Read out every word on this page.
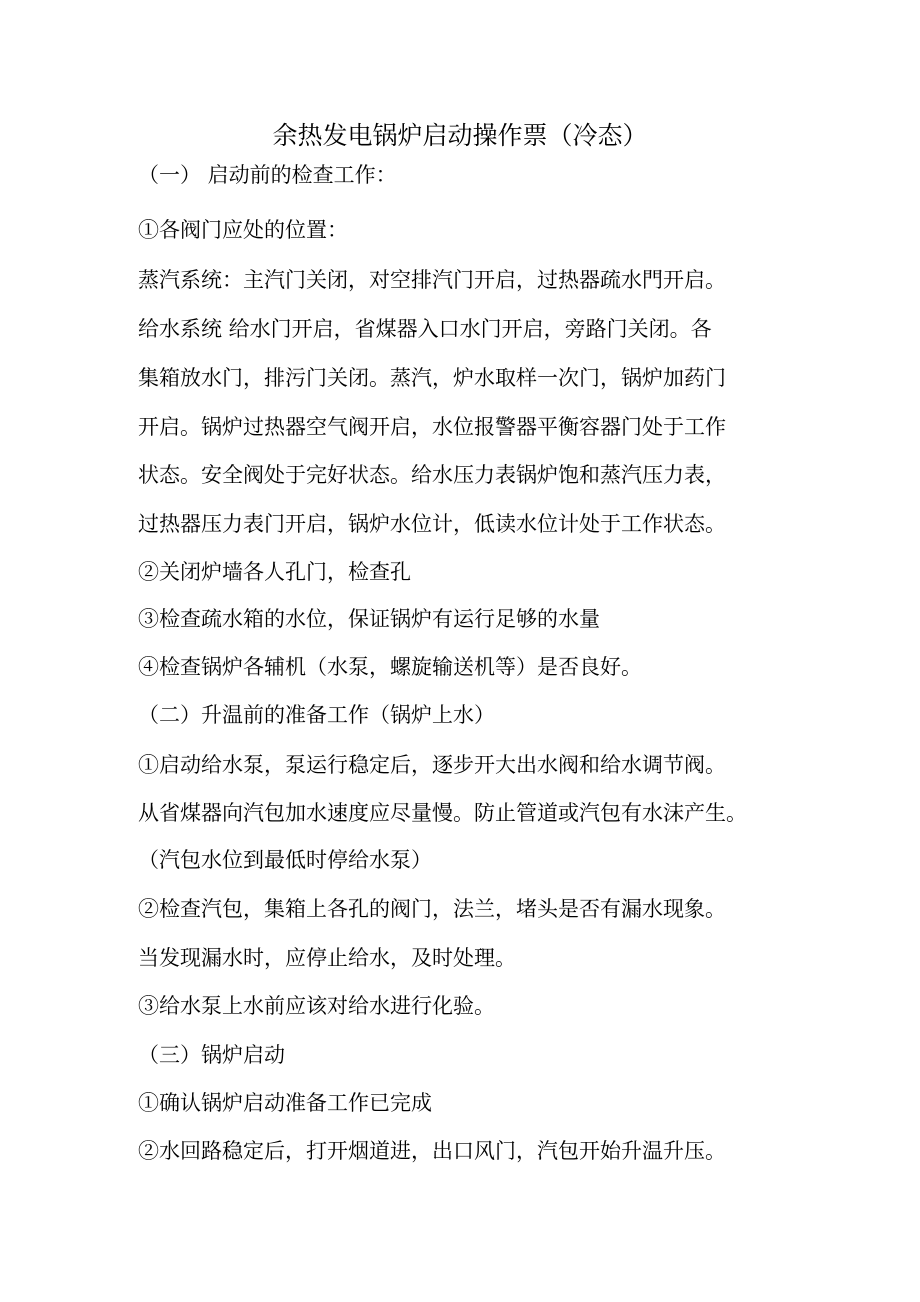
余热发电锅炉启动操作票（冷态）
（一） 启动前的检查工作：
①各阀门应处的位置：
蒸汽系统：主汽门关闭，对空排汽门开启，过热器疏水門开启。
给水系统 给水门开启，省煤器入口水门开启，旁路门关闭。各
集箱放水门，排污门关闭。蒸汽，炉水取样一次门，锅炉加药门
开启。锅炉过热器空气阀开启，水位报警器平衡容器门处于工作
状态。安全阀处于完好状态。给水压力表锅炉饱和蒸汽压力表，
过热器压力表门开启，锅炉水位计，低读水位计处于工作状态。
②关闭炉墙各人孔门，检查孔
③检查疏水箱的水位，保证锅炉有运行足够的水量
④检查锅炉各辅机（水泵，螺旋输送机等）是否良好。
（二）升温前的准备工作（锅炉上水）
①启动给水泵，泵运行稳定后，逐步开大出水阀和给水调节阀。
从省煤器向汽包加水速度应尽量慢。防止管道或汽包有水沫产生。
（汽包水位到最低时停给水泵）
②检查汽包，集箱上各孔的阀门，法兰，堵头是否有漏水现象。
当发现漏水时，应停止给水，及时处理。
③给水泵上水前应该对给水进行化验。
（三）锅炉启动
①确认锅炉启动准备工作已完成
②水回路稳定后，打开烟道进，出口风门，汽包开始升温升压。
